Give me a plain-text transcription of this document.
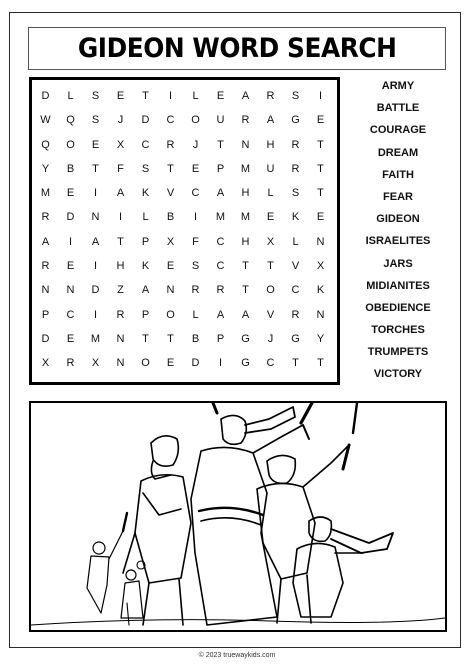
GIDEON WORD SEARCH
D	L	S	E	T	I	L	E	A	R	S	I
W	Q	S	J	D	C	O	U	R	A	G	E
Q	O	E	X	C	R	J	T	N	H	R	T
Y	B	T	F	S	T	E	P	M	U	R	T
M	E	I	A	K	V	C	A	H	L	S	T
R	D	N	I	L	B	I	M	M	E	K	E
A	I	A	T	P	X	F	C	H	X	L	N
R	E	I	H	K	E	S	C	T	T	V	X
N	N	D	Z	A	N	R	R	T	O	C	K
P	C	I	R	P	O	L	A	A	V	R	N
D	E	M	N	T	T	B	P	G	J	G	Y
X	R	X	N	O	E	D	I	G	C	T	T
ARMY
BATTLE
COURAGE
DREAM
FAITH
FEAR
GIDEON
ISRAELITES
JARS
MIDIANITES
OBEDIENCE
TORCHES
TRUMPETS
VICTORY
© 2023 truewaykids.com
